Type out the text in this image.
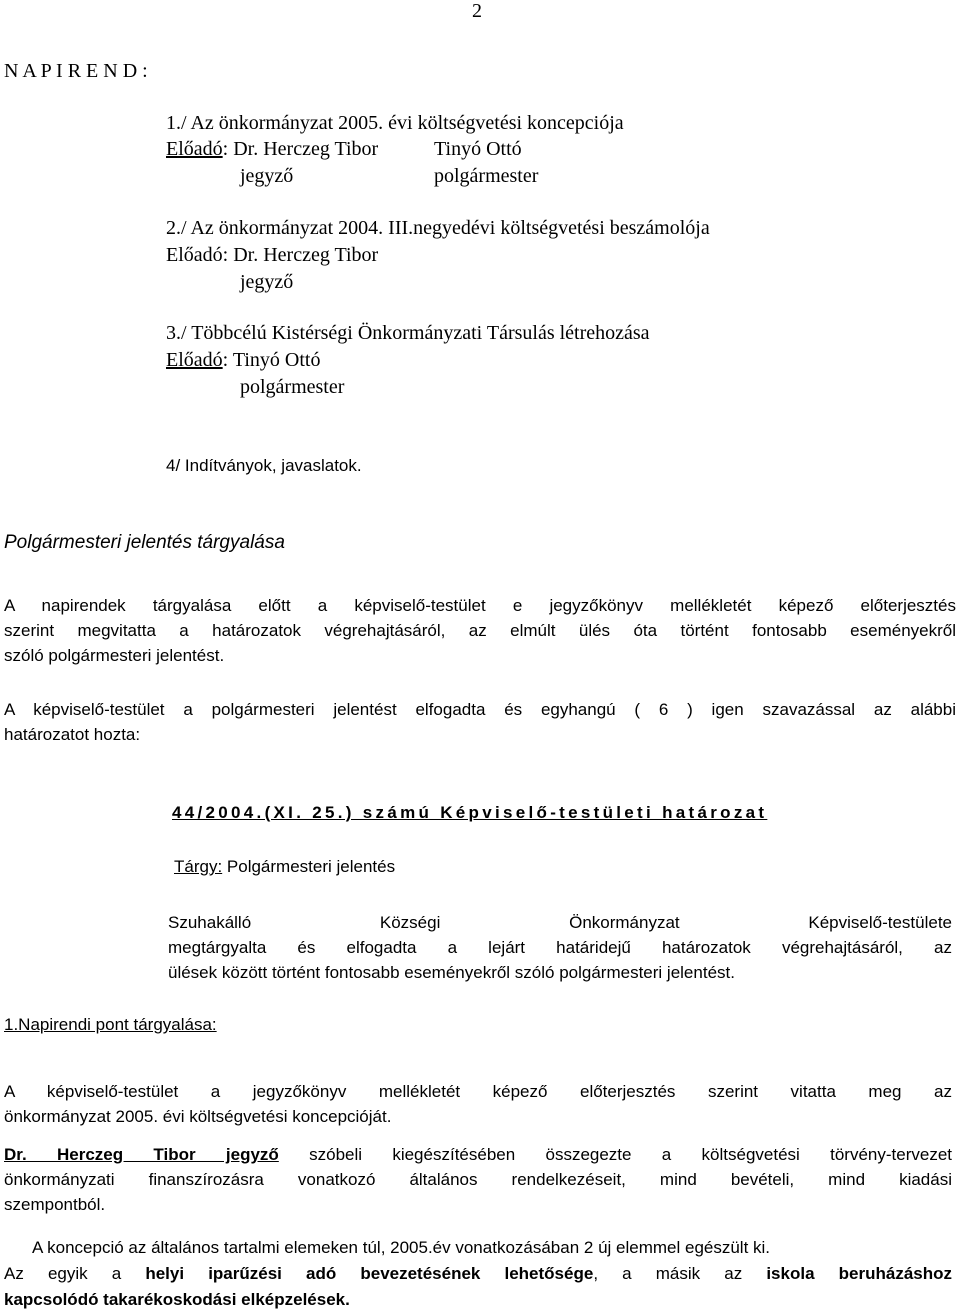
2
N A P I R E N D :
1./ Az önkormányzat 2005. évi költségvetési koncepciója
Előadó: Dr. Herczeg Tibor	Tinyó Ottó
jegyző	polgármester
2./ Az önkormányzat 2004. III.negyedévi költségvetési beszámolója
Előadó: Dr. Herczeg Tibor
jegyző
3./ Többcélú Kistérségi Önkormányzati Társulás létrehozása
Előadó: Tinyó Ottó
polgármester
4/ Indítványok, javaslatok.
Polgármesteri jelentés tárgyalása
A napirendek tárgyalása előtt a képviselő-testület e jegyzőkönyv mellékletét képező előterjesztés
szerint megvitatta a határozatok végrehajtásáról, az elmúlt ülés óta történt fontosabb eseményekről
szóló polgármesteri jelentést.
A képviselő-testület a polgármesteri jelentést elfogadta és egyhangú ( 6 ) igen szavazással az alábbi
határozatot hozta:
44/2004.(XI. 25.) számú Képviselő-testületi határozat
Tárgy: Polgármesteri jelentés
Szuhakálló Községi Önkormányzat Képviselő-testülete
megtárgyalta és elfogadta a lejárt határidejű határozatok végrehajtásáról, az
ülések között történt fontosabb eseményekről szóló polgármesteri jelentést.
1.Napirendi pont tárgyalása:
A képviselő-testület a jegyzőkönyv mellékletét képező előterjesztés szerint vitatta meg az
önkormányzat 2005. évi költségvetési koncepcióját.
Dr. Herczeg Tibor jegyző szóbeli kiegészítésében összegezte a költségvetési törvény-tervezet
önkormányzati finanszírozásra vonatkozó általános rendelkezéseit, mind bevételi, mind kiadási
szempontból.
A koncepció az általános tartalmi elemeken túl, 2005.év vonatkozásában 2 új elemmel egészült ki.
Az egyik a helyi iparűzési adó bevezetésének lehetősége, a másik az iskola beruházáshoz
kapcsolódó takarékoskodási elképzelések.
